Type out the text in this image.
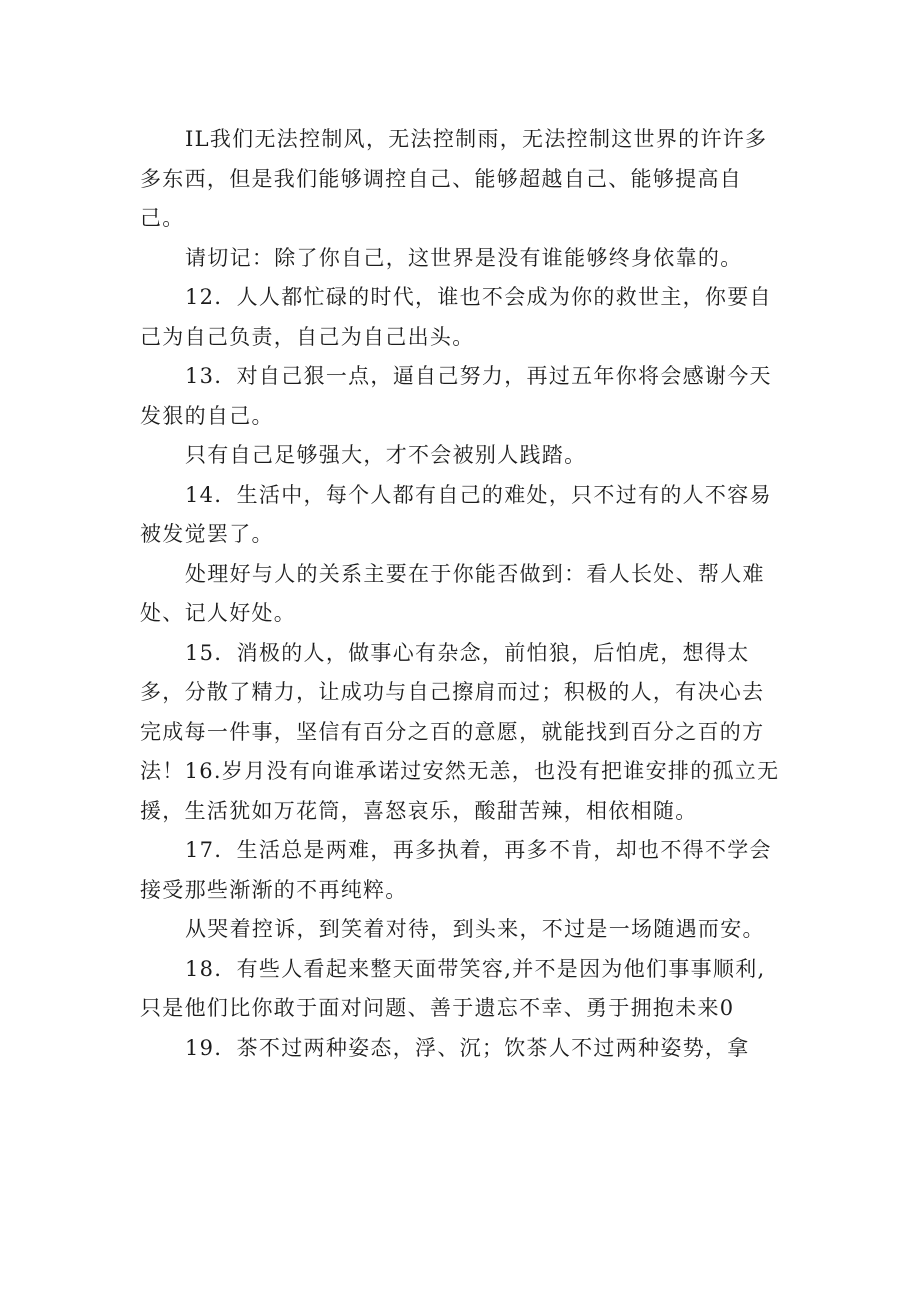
IL我们无法控制风，无法控制雨，无法控制这世界的许许多多东西，但是我们能够调控自己、能够超越自己、能够提高自己。

请切记：除了你自己，这世界是没有谁能够终身依靠的。

12．人人都忙碌的时代，谁也不会成为你的救世主，你要自己为自己负责，自己为自己出头。

13．对自己狠一点，逼自己努力，再过五年你将会感谢今天发狠的自己。

只有自己足够强大，才不会被别人践踏。

14．生活中，每个人都有自己的难处，只不过有的人不容易被发觉罢了。

处理好与人的关系主要在于你能否做到：看人长处、帮人难处、记人好处。

15．消极的人，做事心有杂念，前怕狼，后怕虎，想得太多，分散了精力，让成功与自己擦肩而过；积极的人，有决心去完成每一件事，坚信有百分之百的意愿，就能找到百分之百的方法！16.岁月没有向谁承诺过安然无恙，也没有把谁安排的孤立无援，生活犹如万花筒，喜怒哀乐，酸甜苦辣，相依相随。

17．生活总是两难，再多执着，再多不肯，却也不得不学会接受那些渐渐的不再纯粹。

从哭着控诉，到笑着对待，到头来，不过是一场随遇而安。

18．有些人看起来整天面带笑容,并不是因为他们事事顺利,只是他们比你敢于面对问题、善于遗忘不幸、勇于拥抱未来0

19．茶不过两种姿态，浮、沉；饮茶人不过两种姿势，拿
